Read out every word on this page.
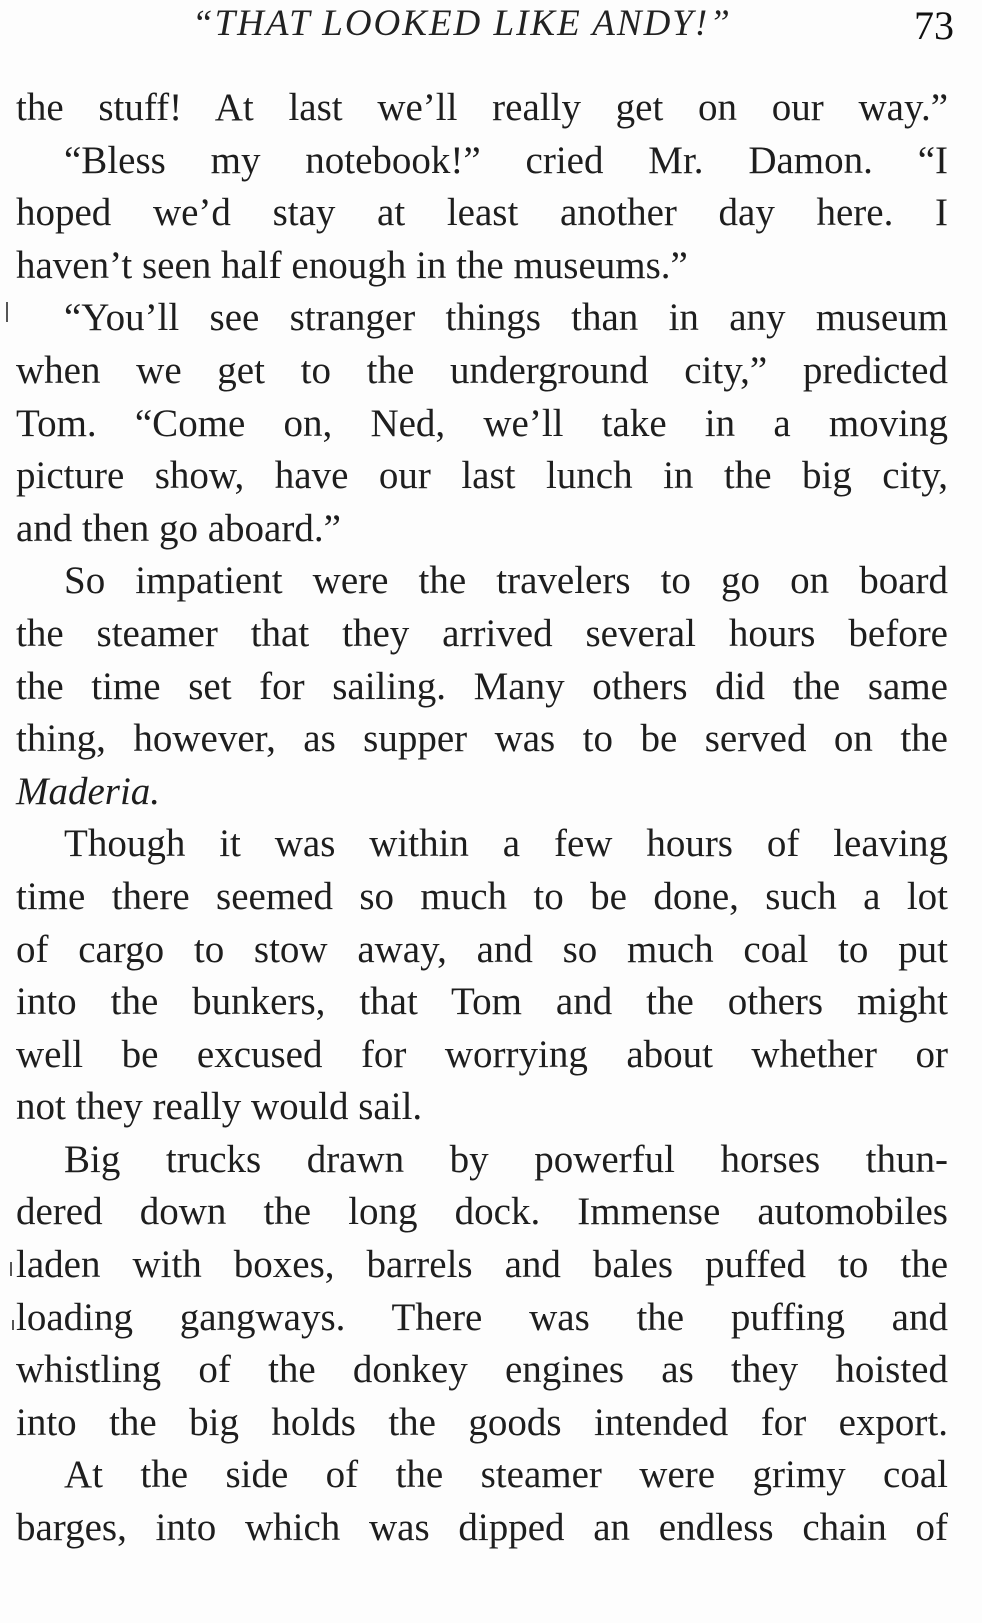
“THAT LOOKED LIKE ANDY!”	73
the stuff! At last we’ll really get on our way.”
“Bless my notebook!” cried Mr. Damon. “I
hoped we’d stay at least another day here. I
haven’t seen half enough in the museums.”
“You’ll see stranger things than in any museum
when we get to the underground city,” predicted
Tom. “Come on, Ned, we’ll take in a moving
picture show, have our last lunch in the big city,
and then go aboard.”
So impatient were the travelers to go on board
the steamer that they arrived several hours before
the time set for sailing. Many others did the same
thing, however, as supper was to be served on the
Maderia.
Though it was within a few hours of leaving
time there seemed so much to be done, such a lot
of cargo to stow away, and so much coal to put
into the bunkers, that Tom and the others might
well be excused for worrying about whether or
not they really would sail.
Big trucks drawn by powerful horses thun-
dered down the long dock. Immense automobiles
laden with boxes, barrels and bales puffed to the
loading gangways. There was the puffing and
whistling of the donkey engines as they hoisted
into the big holds the goods intended for export.
At the side of the steamer were grimy coal
barges, into which was dipped an endless chain of
